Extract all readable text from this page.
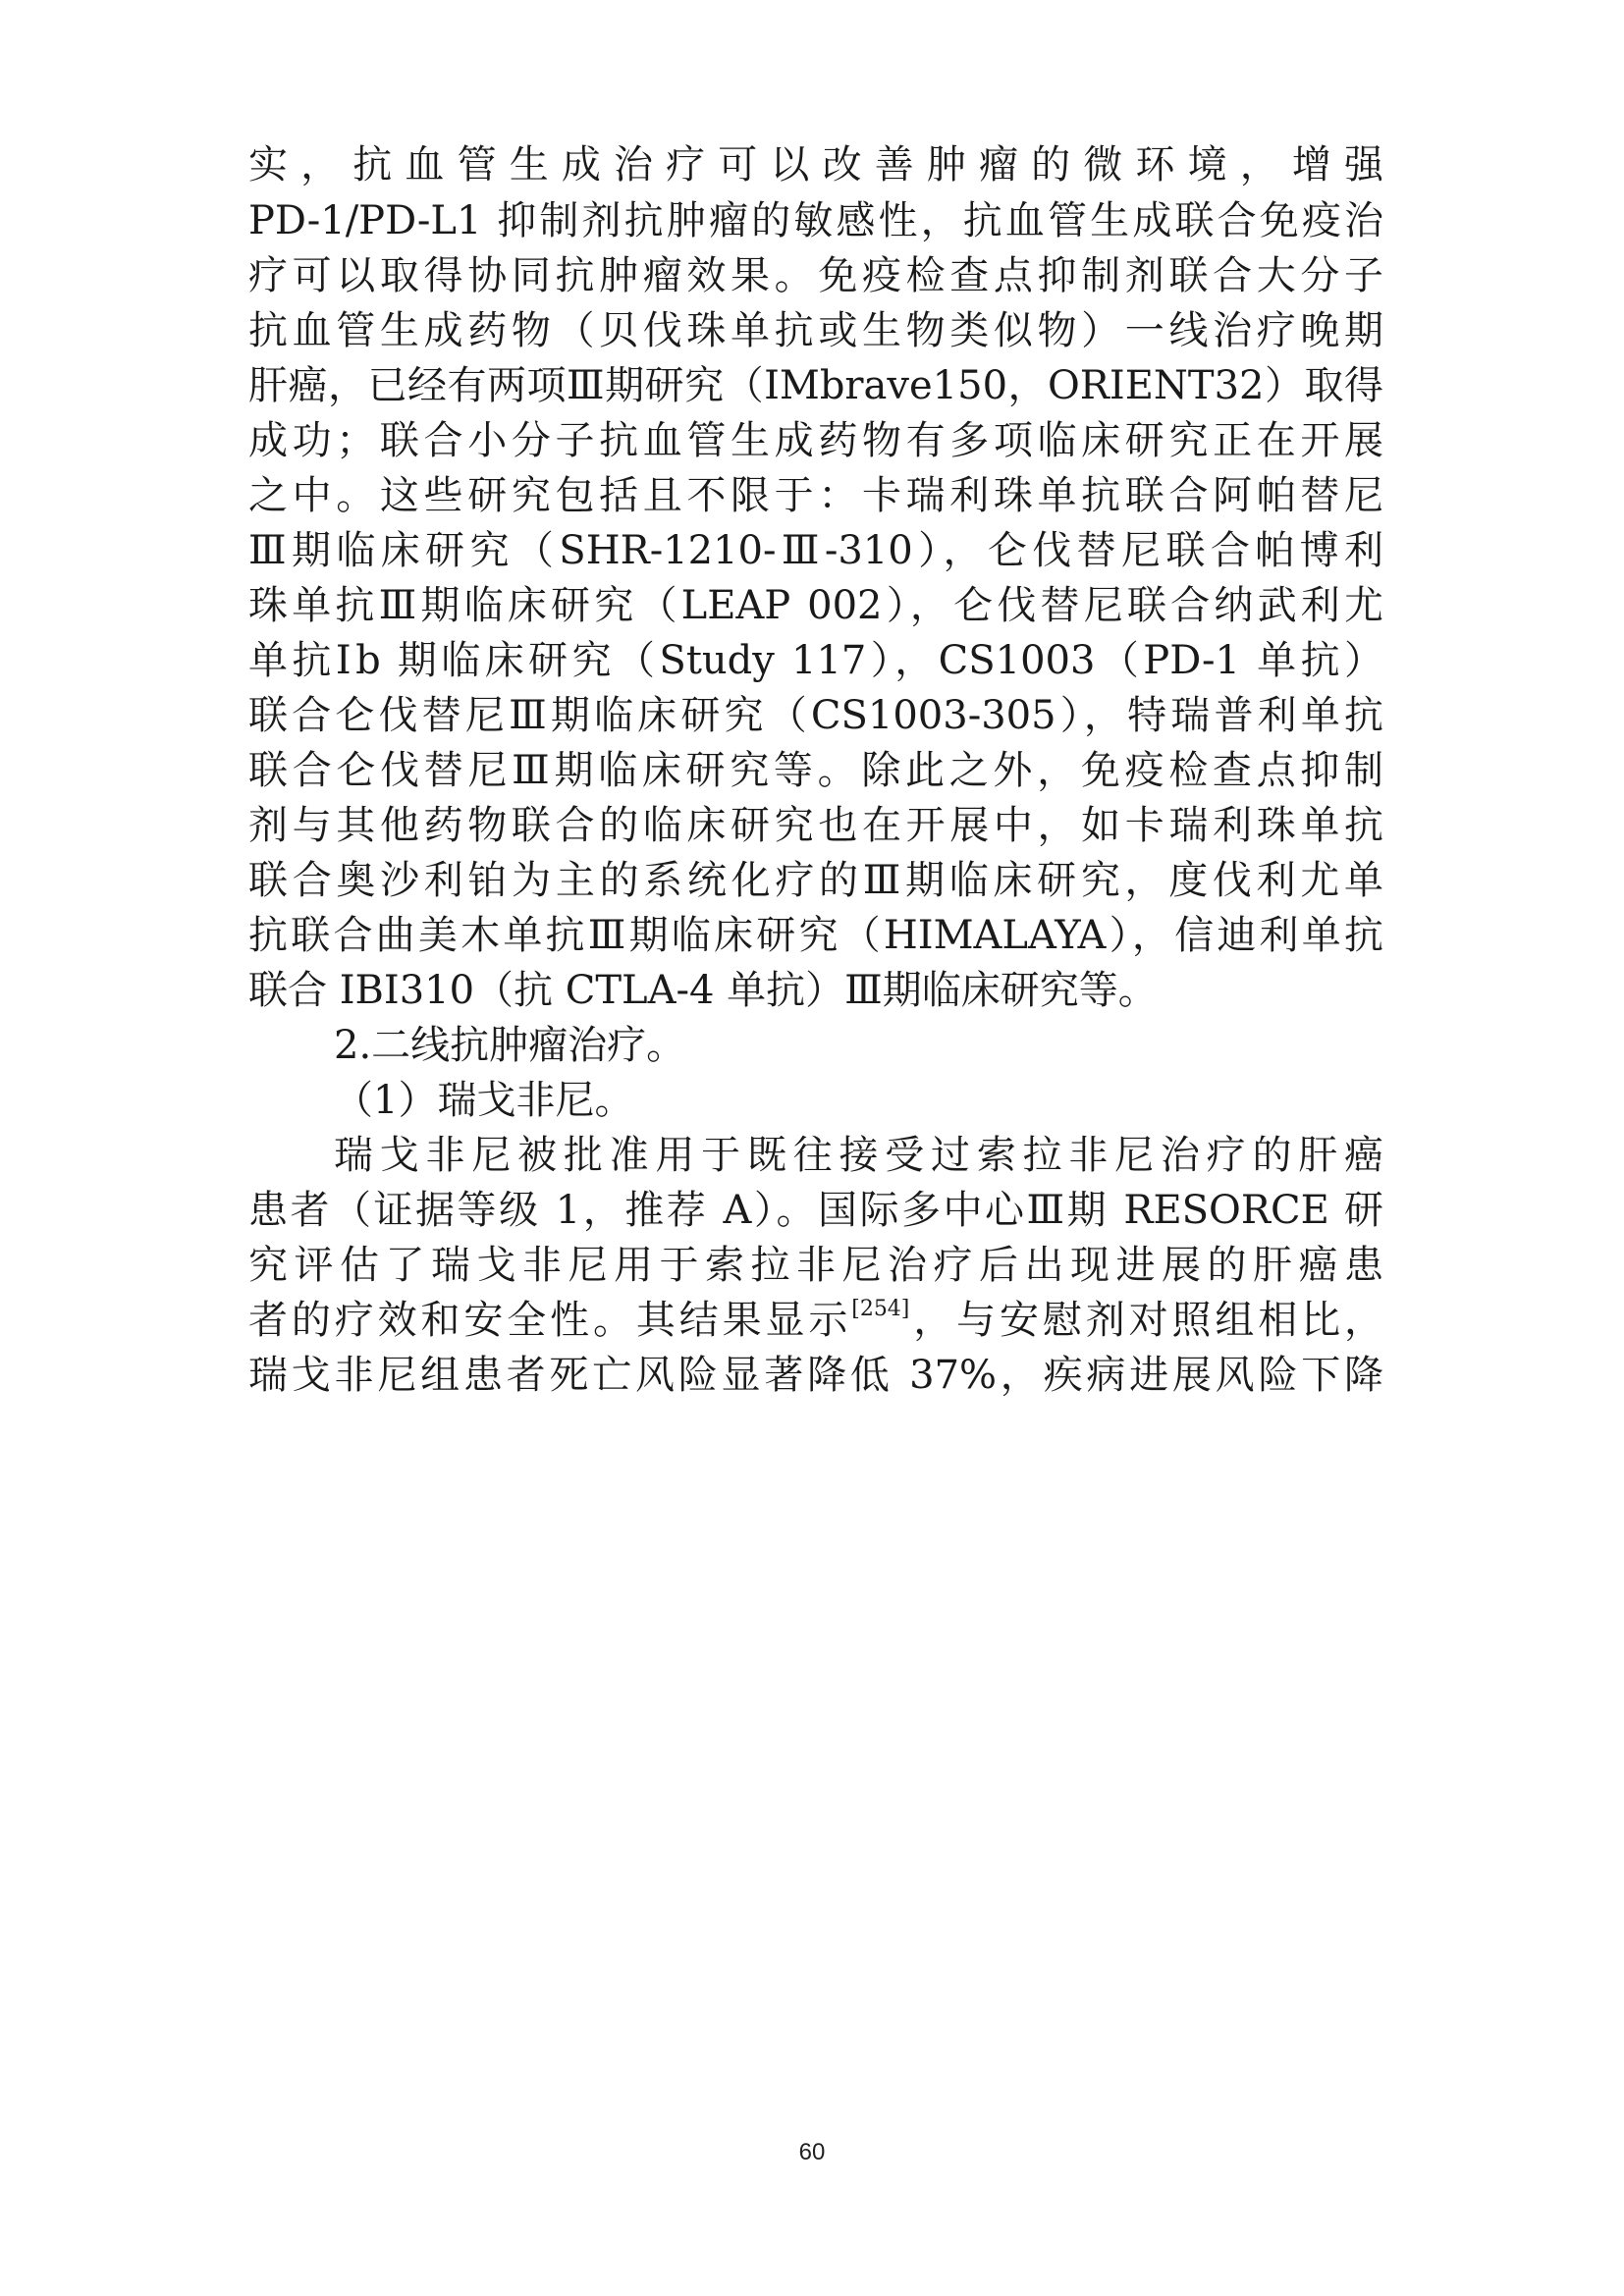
实，抗血管生成治疗可以改善肿瘤的微环境，增强
PD-1/PD-L1 抑制剂抗肿瘤的敏感性，抗血管生成联合免疫治
疗可以取得协同抗肿瘤效果。免疫检查点抑制剂联合大分子
抗血管生成药物（贝伐珠单抗或生物类似物）一线治疗晚期
肝癌，已经有两项Ⅲ期研究（IMbrave150，ORIENT32）取得
成功；联合小分子抗血管生成药物有多项临床研究正在开展
之中。这些研究包括且不限于：卡瑞利珠单抗联合阿帕替尼
Ⅲ期临床研究（SHR-1210-Ⅲ-310），仑伐替尼联合帕博利
珠单抗Ⅲ期临床研究（LEAP 002），仑伐替尼联合纳武利尤
单抗Ⅰb 期临床研究（Study 117），CS1003（PD-1 单抗）
联合仑伐替尼Ⅲ期临床研究（CS1003-305），特瑞普利单抗
联合仑伐替尼Ⅲ期临床研究等。除此之外，免疫检查点抑制
剂与其他药物联合的临床研究也在开展中，如卡瑞利珠单抗
联合奥沙利铂为主的系统化疗的Ⅲ期临床研究，度伐利尤单
抗联合曲美木单抗Ⅲ期临床研究（HIMALAYA），信迪利单抗
联合 IBI310（抗 CTLA-4 单抗）Ⅲ期临床研究等。
2.二线抗肿瘤治疗。
（1）瑞戈非尼。
瑞戈非尼被批准用于既往接受过索拉非尼治疗的肝癌
患者（证据等级 1，推荐 A）。国际多中心Ⅲ期 RESORCE 研
究评估了瑞戈非尼用于索拉非尼治疗后出现进展的肝癌患
者的疗效和安全性。其结果显示[254]，与安慰剂对照组相比，
瑞戈非尼组患者死亡风险显著降低 37%，疾病进展风险下降
60
